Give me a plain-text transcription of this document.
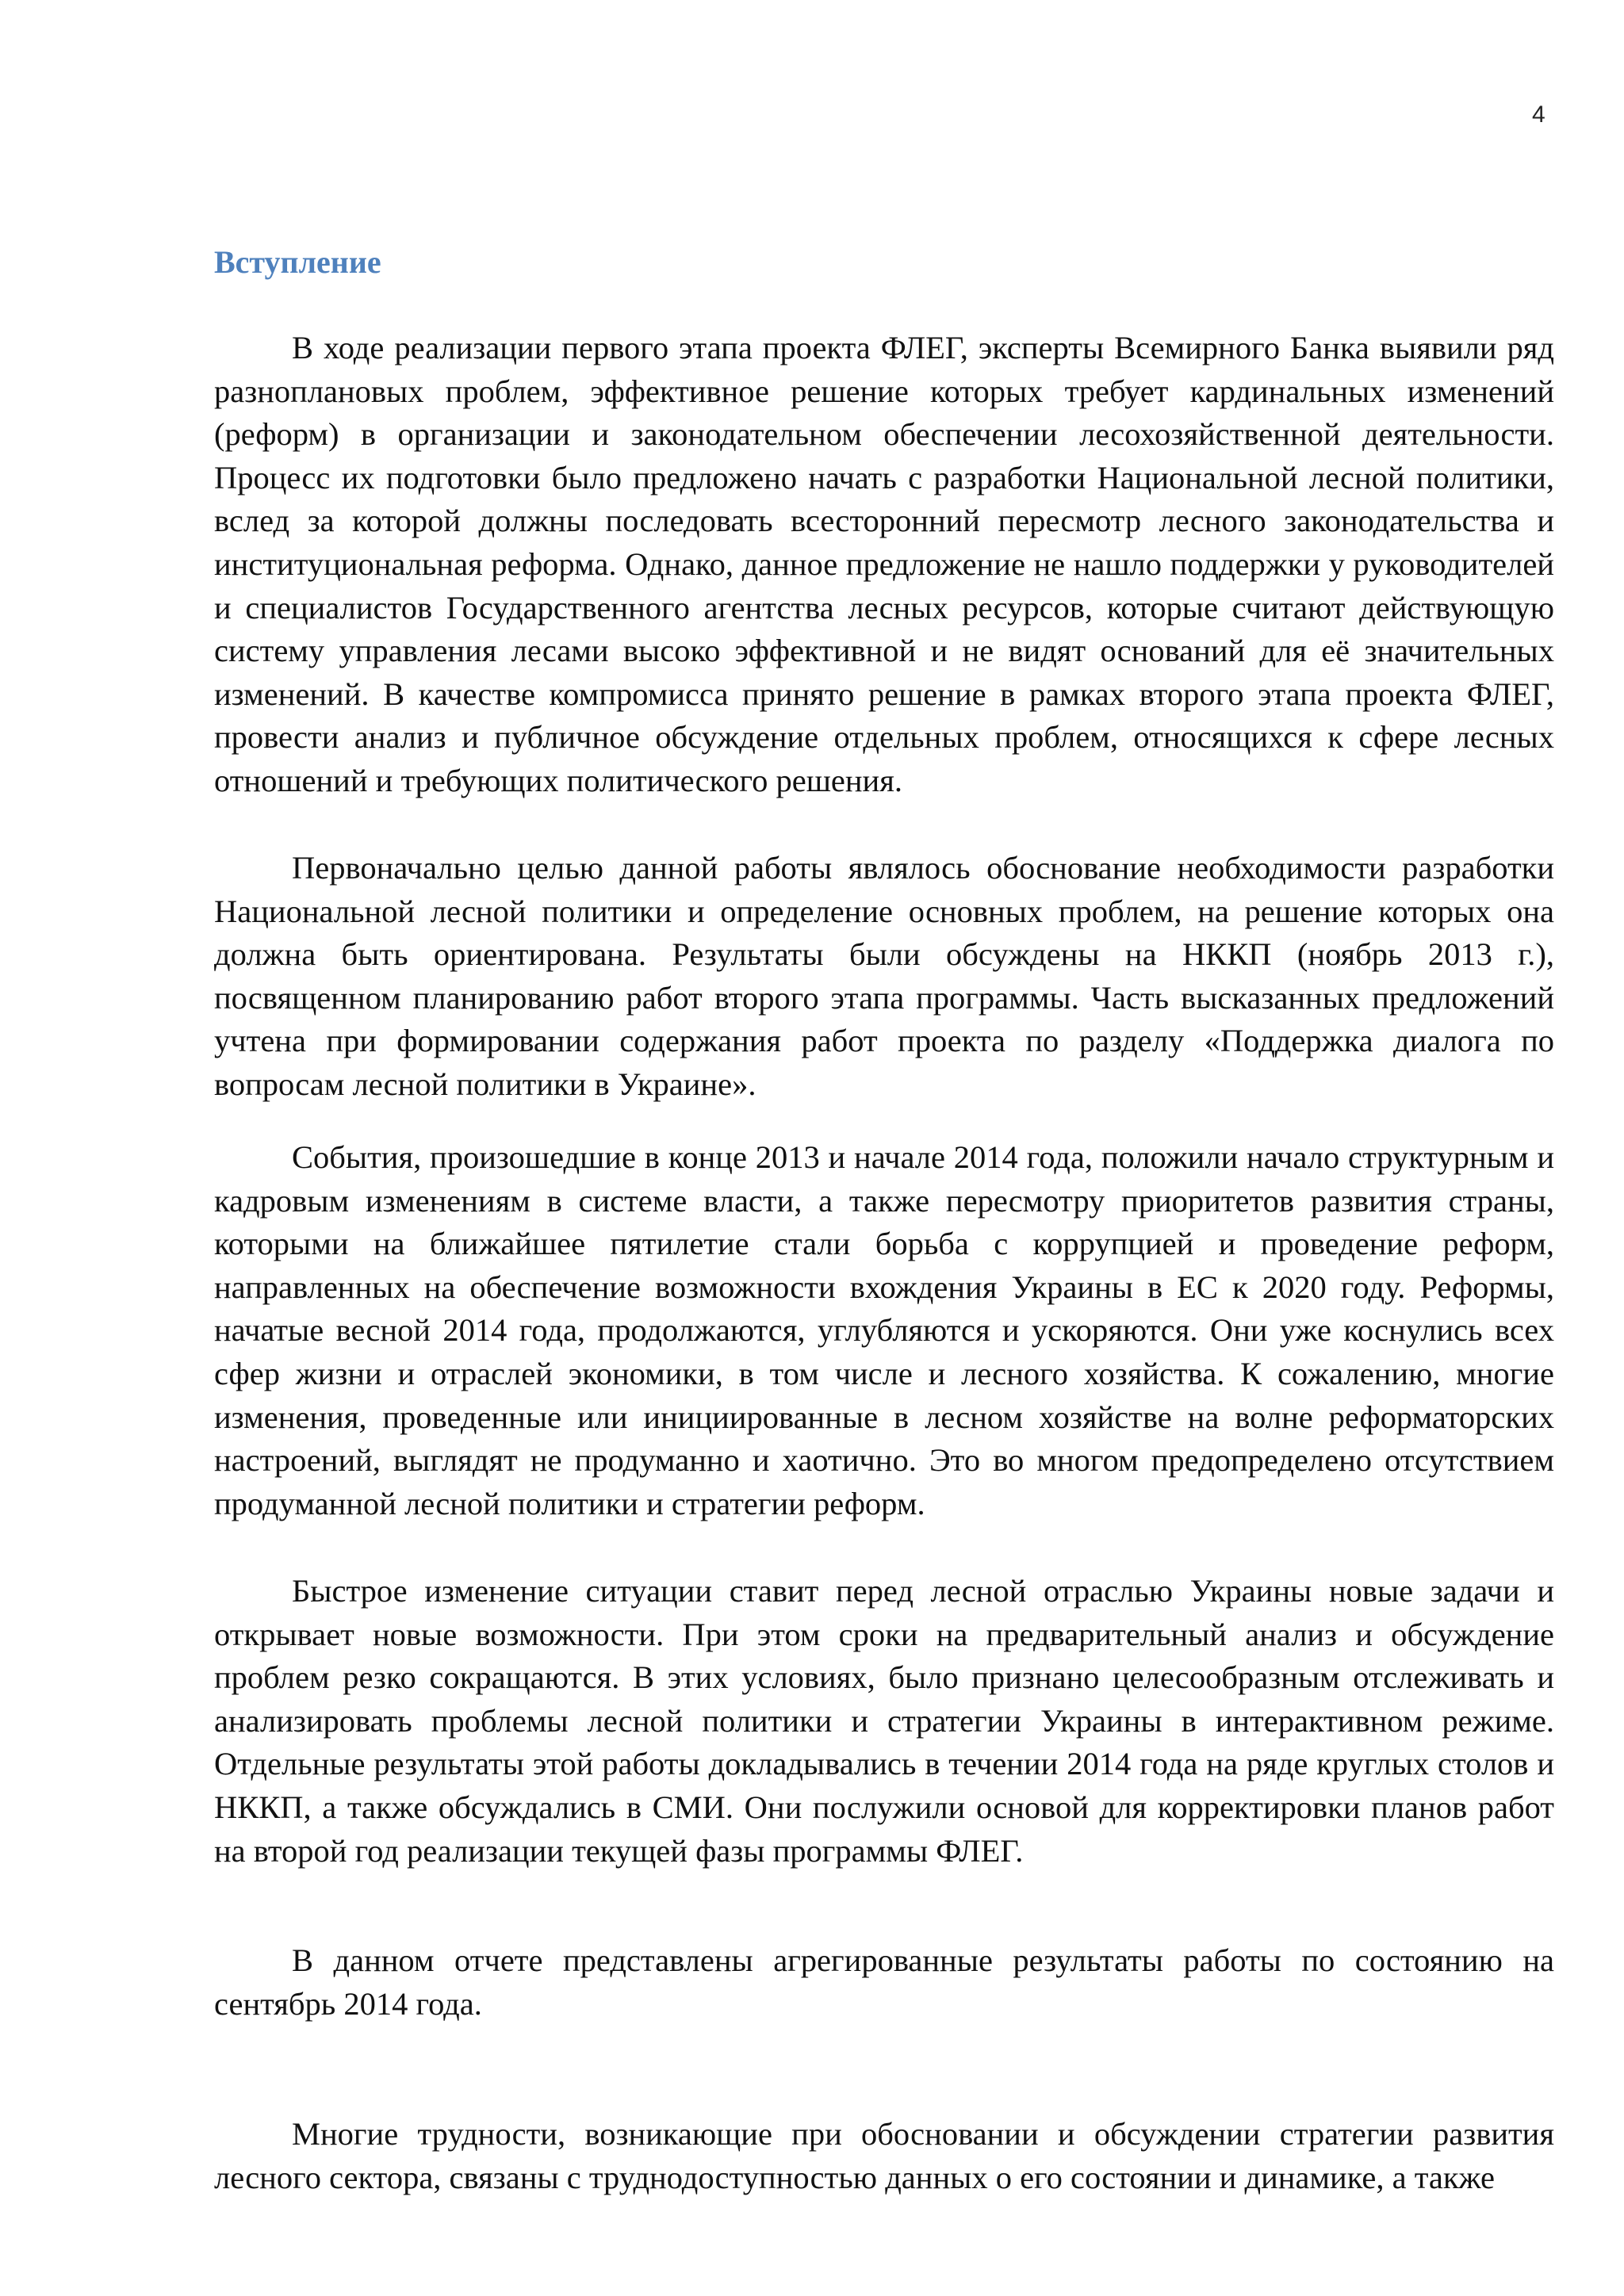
4
Вступление

В ходе реализации первого этапа проекта ФЛЕГ, эксперты Всемирного Банка выявили ряд разноплановых проблем, эффективное решение которых требует кардинальных изменений (реформ) в организации и законодательном обеспечении лесохозяйственной деятельности. Процесс их подготовки было предложено начать с разработки Национальной лесной политики, вслед за которой должны последовать всесторонний пересмотр лесного законодательства и институциональная реформа. Однако, данное предложение не нашло поддержки у руководителей и специалистов Государственного агентства лесных ресурсов, которые считают действующую систему управления лесами высоко эффективной и не видят оснований для её значительных изменений. В качестве компромисса принято решение в рамках второго этапа проекта ФЛЕГ, провести анализ и публичное обсуждение отдельных проблем, относящихся к сфере лесных отношений и требующих политического решения.

Первоначально целью данной работы являлось обоснование необходимости разработки Национальной лесной политики и определение основных проблем, на решение которых она должна быть ориентирована. Результаты были обсуждены на НККП (ноябрь 2013 г.), посвященном планированию работ второго этапа программы. Часть высказанных предложений учтена при формировании содержания работ проекта по разделу «Поддержка диалога по вопросам лесной политики в Украине».

События, произошедшие в конце 2013 и начале 2014 года, положили начало структурным и кадровым изменениям в системе власти, а также пересмотру приоритетов развития страны, которыми на ближайшее пятилетие стали борьба с коррупцией и проведение реформ, направленных на обеспечение возможности вхождения Украины в ЕС к 2020 году. Реформы, начатые весной 2014 года, продолжаются, углубляются и ускоряются. Они уже коснулись всех сфер жизни и отраслей экономики, в том числе и лесного хозяйства. К сожалению, многие изменения, проведенные или инициированные в лесном хозяйстве на волне реформаторских настроений, выглядят не продуманно и хаотично. Это во многом предопределено отсутствием продуманной лесной политики и стратегии реформ.

Быстрое изменение ситуации ставит перед лесной отраслью Украины новые задачи и открывает новые возможности. При этом сроки на предварительный анализ и обсуждение проблем резко сокращаются. В этих условиях, было признано целесообразным отслеживать и анализировать проблемы лесной политики и стратегии Украины в интерактивном режиме. Отдельные результаты этой работы докладывались в течении 2014 года на ряде круглых столов и НККП, а также обсуждались в СМИ. Они послужили основой для корректировки планов работ на второй год реализации текущей фазы программы ФЛЕГ.

В данном отчете представлены агрегированные результаты работы по состоянию на сентябрь 2014 года.

Многие трудности, возникающие при обосновании и обсуждении стратегии развития лесного сектора, связаны с труднодоступностью данных о его состоянии и динамике, а также
